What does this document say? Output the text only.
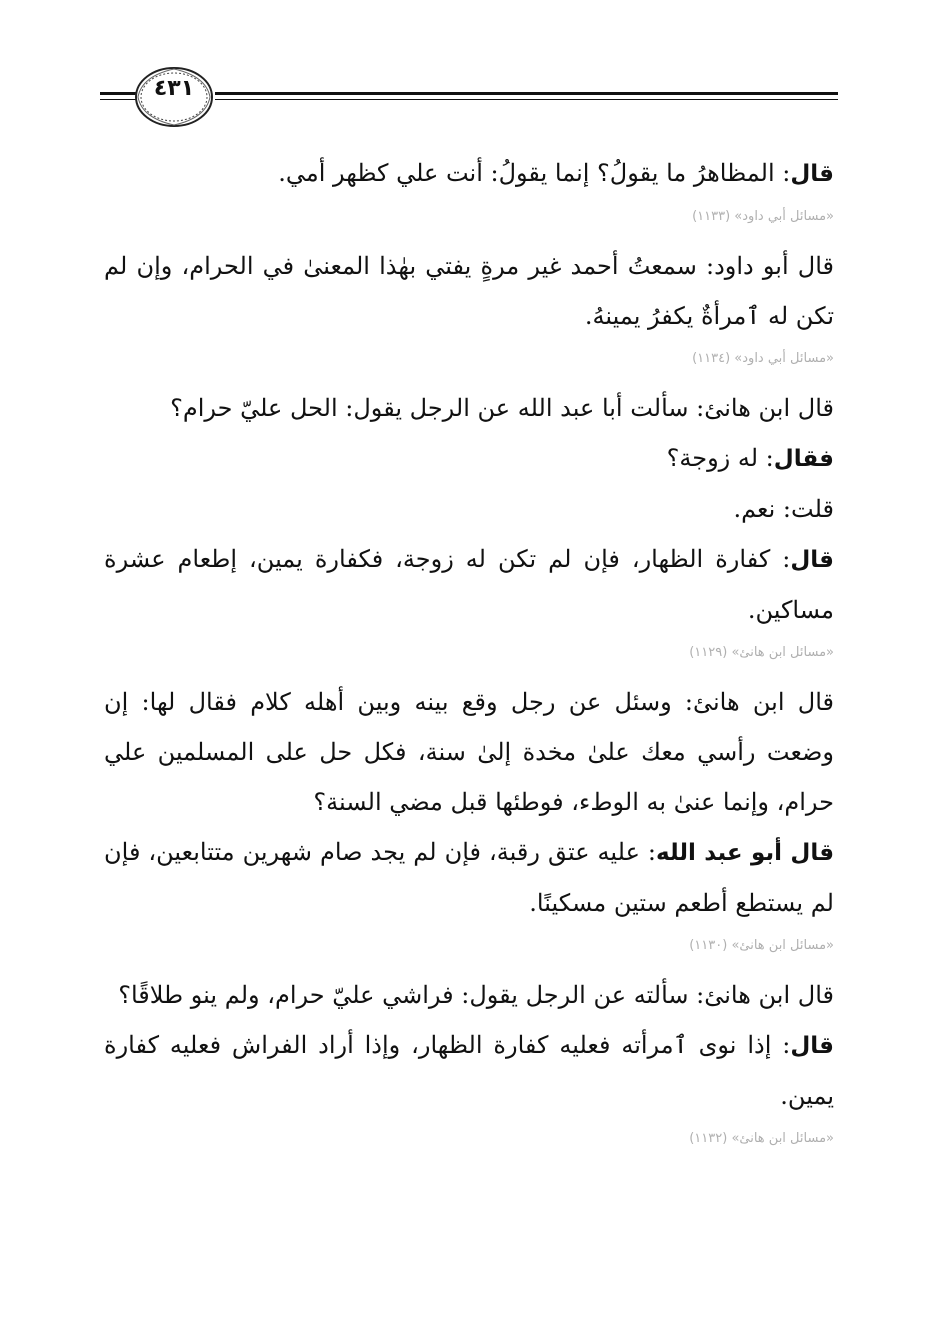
٤٣١

قال: المظاهرُ ما يقولُ؟ إنما يقولُ: أنت علي كظهر أمي.

«مسائل أبي داود» (١١٣٣)

قال أبو داود: سمعتُ أحمد غير مرةٍ يفتي بهٰذا المعنىٰ في الحرام، وإن لم تكن له ٱمرأةٌ يكفرُ يمينهُ.

«مسائل أبي داود» (١١٣٤)

قال ابن هانئ: سألت أبا عبد الله عن الرجل يقول: الحل عليّ حرام؟

فقال: له زوجة؟

قلت: نعم.

قال: كفارة الظهار، فإن لم تكن له زوجة، فكفارة يمين، إطعام عشرة مساكين.

«مسائل ابن هانئ» (١١٢٩)

قال ابن هانئ: وسئل عن رجل وقع بينه وبين أهله كلام فقال لها: إن وضعت رأسي معك علىٰ مخدة إلىٰ سنة، فكل حل على المسلمين علي حرام، وإنما عنىٰ به الوطء، فوطئها قبل مضي السنة؟

قال أبو عبد الله: عليه عتق رقبة، فإن لم يجد صام شهرين متتابعين، فإن لم يستطع أطعم ستين مسكينًا.

«مسائل ابن هانئ» (١١٣٠)

قال ابن هانئ: سألته عن الرجل يقول: فراشي عليّ حرام، ولم ينو طلاقًا؟

قال: إذا نوى ٱمرأته فعليه كفارة الظهار، وإذا أراد الفراش فعليه كفارة يمين.

«مسائل ابن هانئ» (١١٣٢)
